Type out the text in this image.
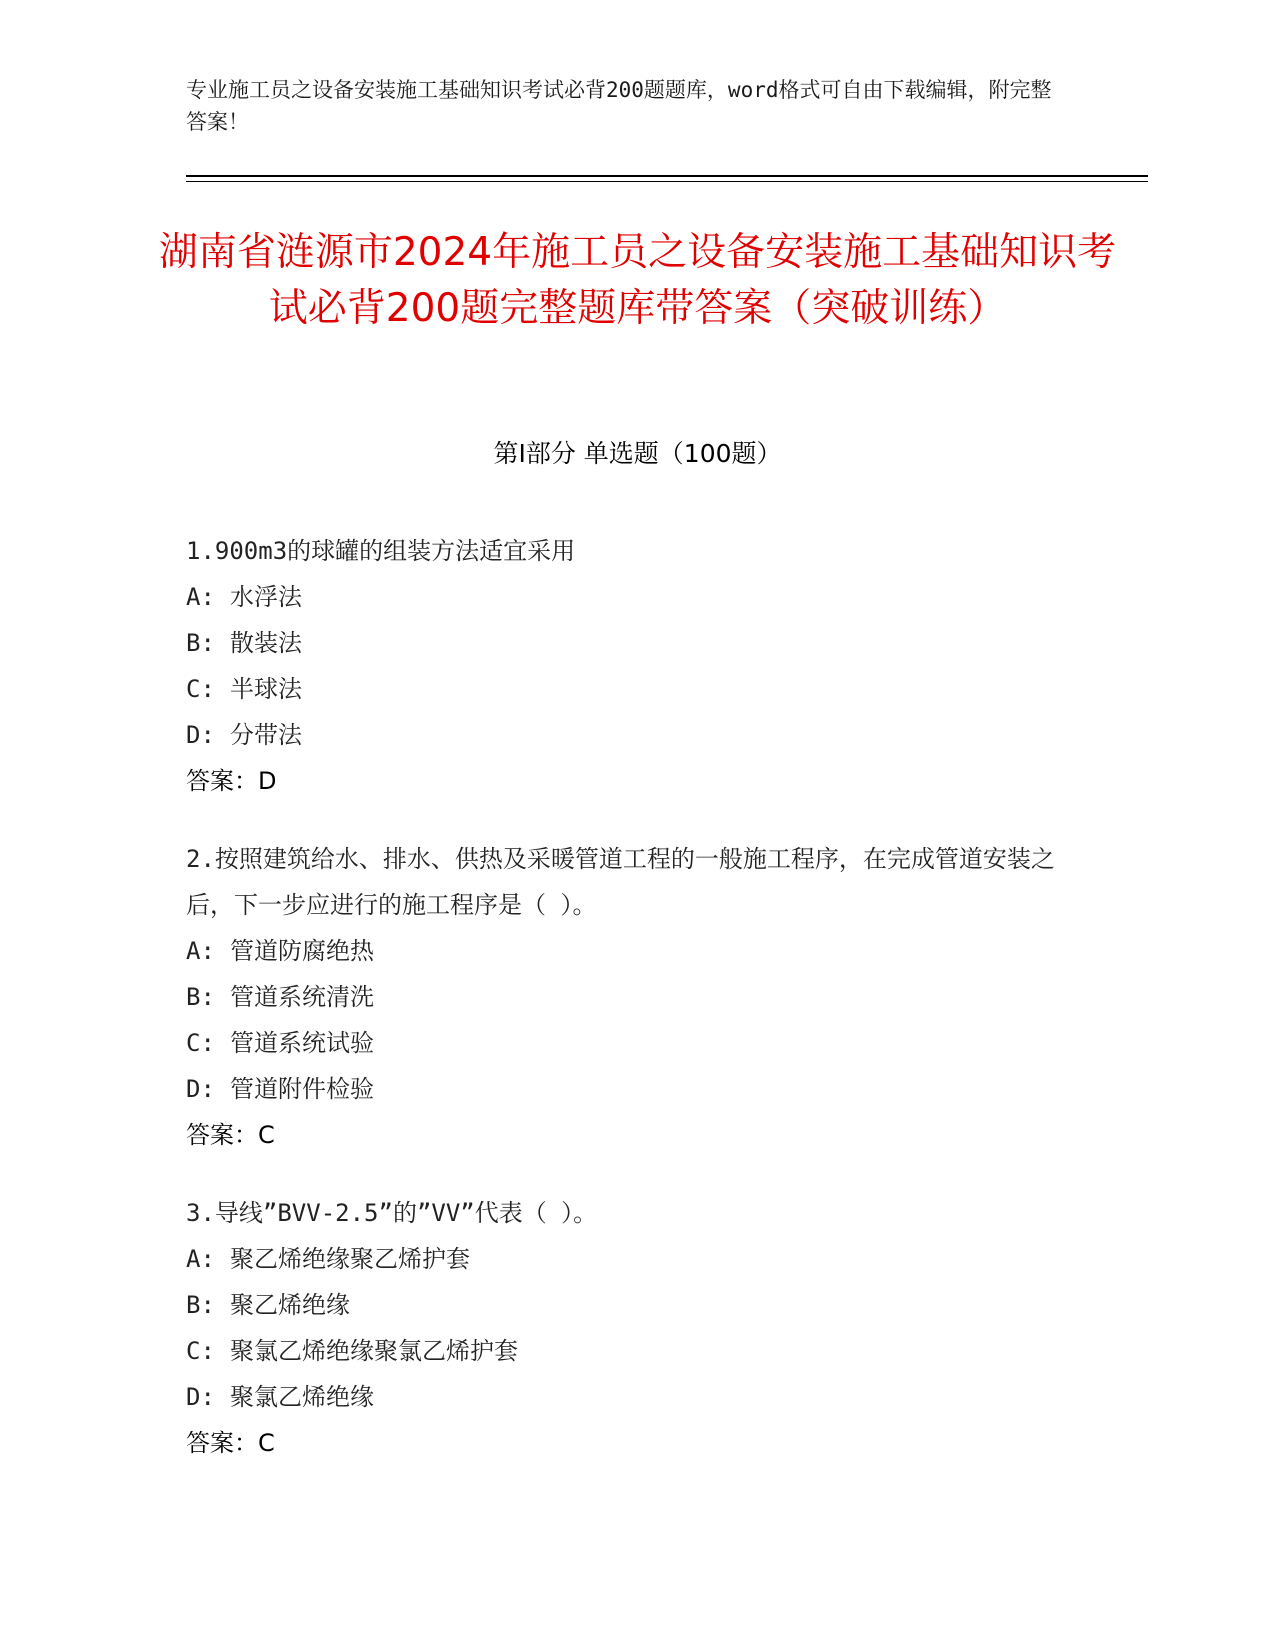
专业施工员之设备安装施工基础知识考试必背200题题库，word格式可自由下载编辑，附完整答案！

湖南省涟源市2024年施工员之设备安装施工基础知识考试必背200题完整题库带答案（突破训练）
第Ⅰ部分 单选题（100题）

1.900m3的球罐的组装方法适宜采用

A: 水浮法

B: 散装法

C: 半球法

D: 分带法

答案：D

2.按照建筑给水、排水、供热及采暖管道工程的一般施工程序，在完成管道安装之后，下一步应进行的施工程序是（ ）。

A: 管道防腐绝热

B: 管道系统清洗

C: 管道系统试验

D: 管道附件检验

答案：C

3.导线”BVV-2.5”的”VV”代表（ ）。

A: 聚乙烯绝缘聚乙烯护套

B: 聚乙烯绝缘

C: 聚氯乙烯绝缘聚氯乙烯护套

D: 聚氯乙烯绝缘

答案：C
